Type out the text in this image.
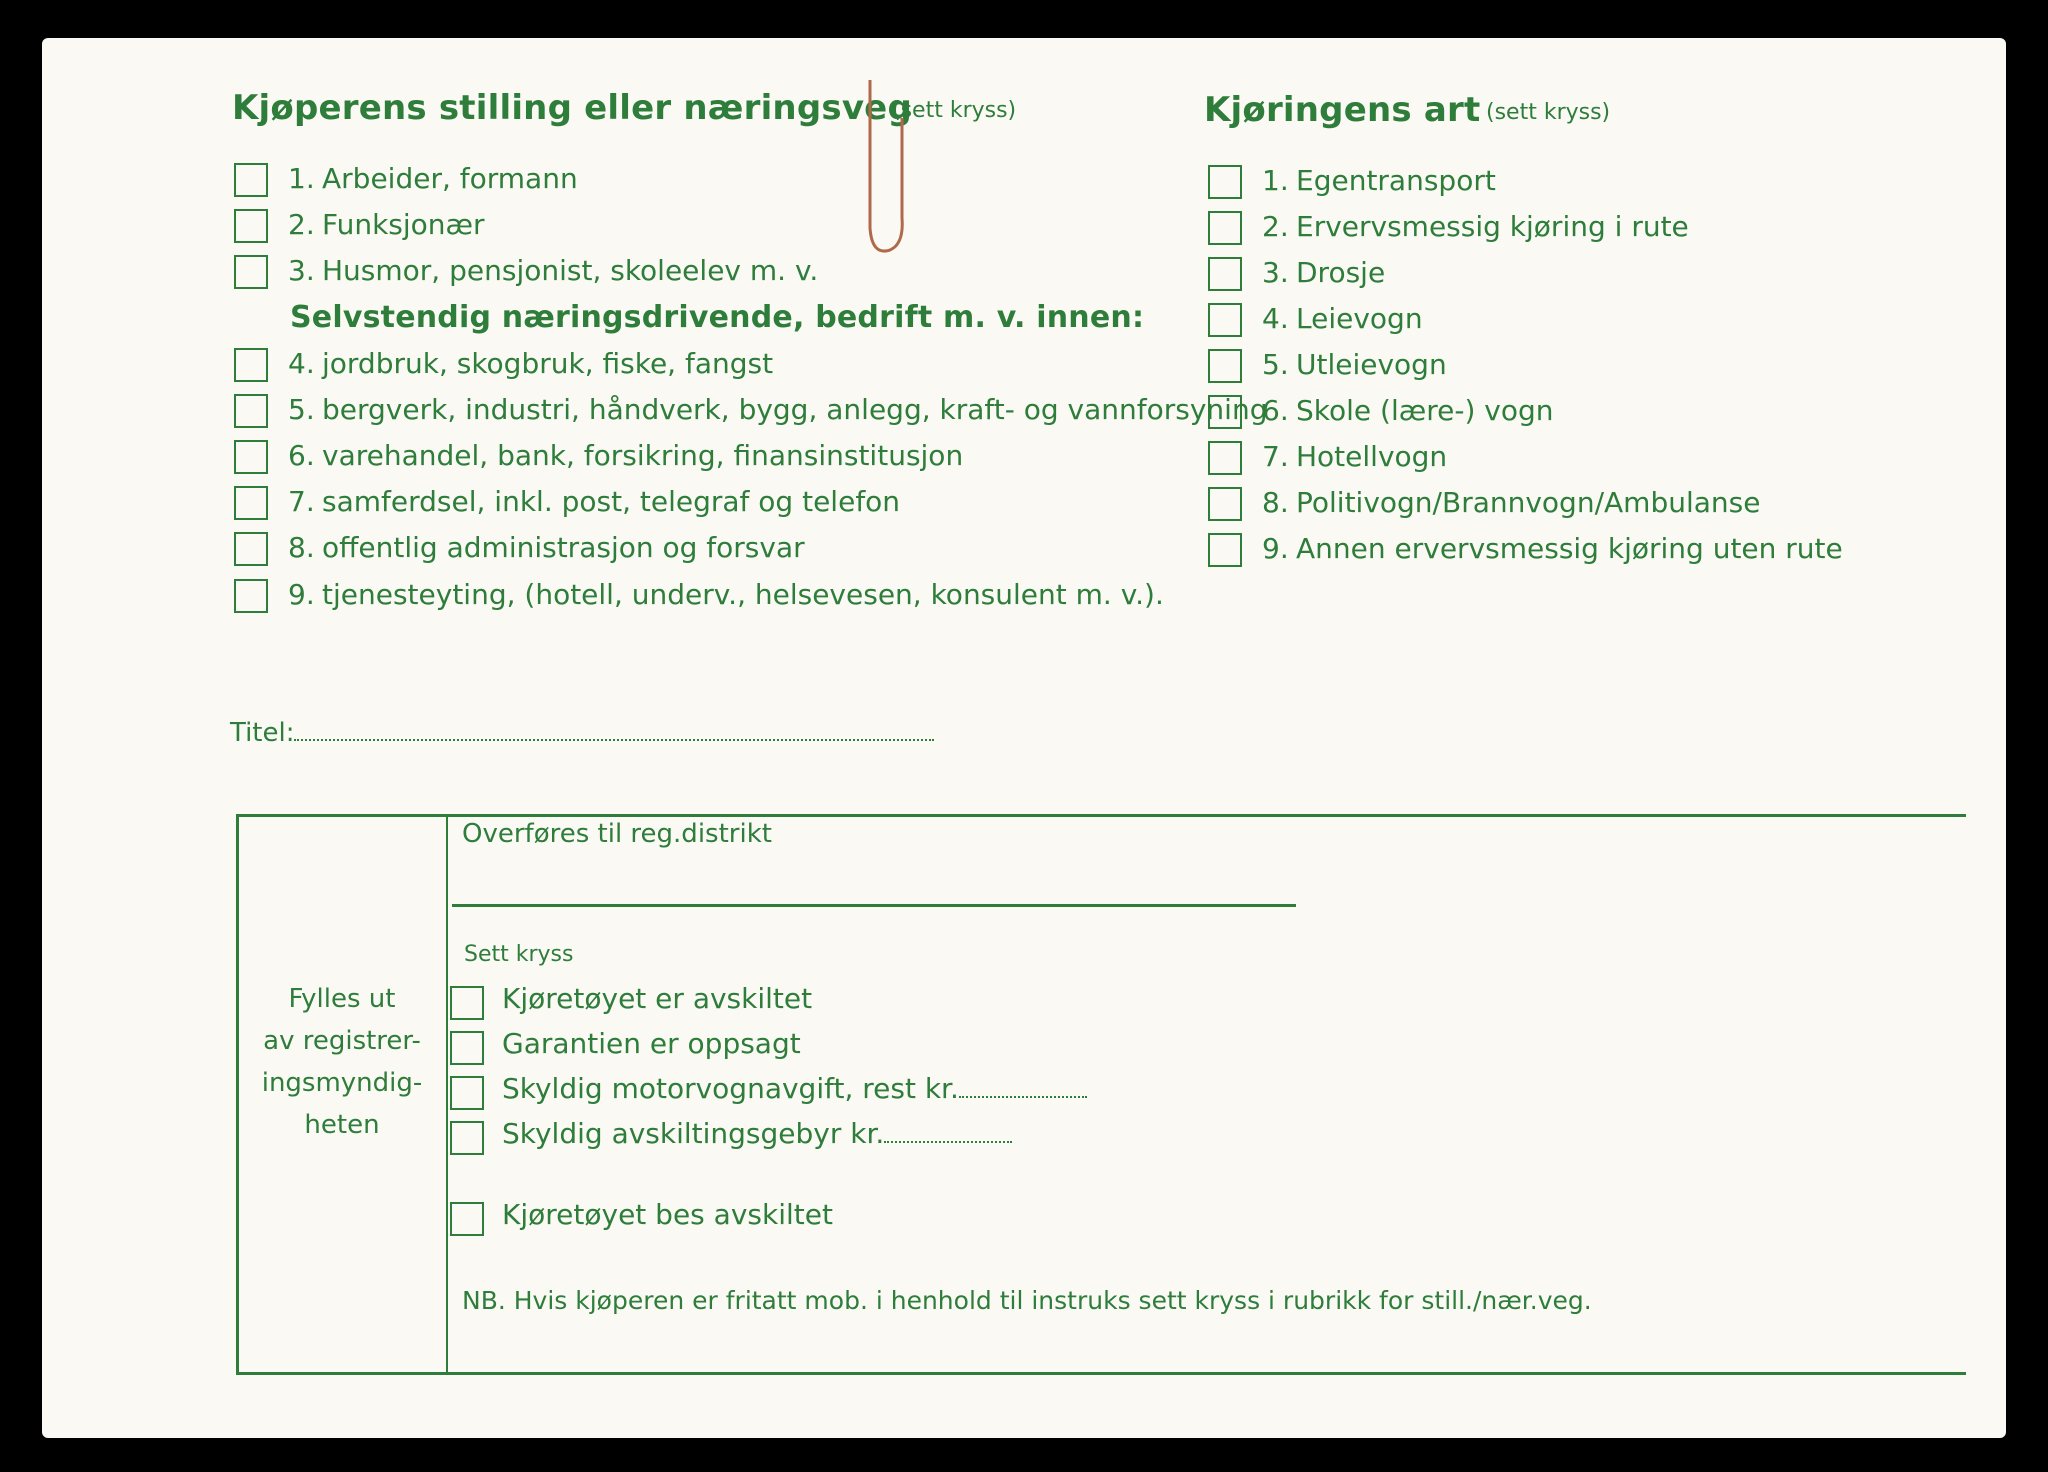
Kjøperens stilling eller næringsveg
(sett kryss)
1. Arbeider, formann
2. Funksjonær
3. Husmor, pensjonist, skoleelev m. v.
Selvstendig næringsdrivende, bedrift m. v. innen:
4. jordbruk, skogbruk, fiske, fangst
5. bergverk, industri, håndverk, bygg, anlegg, kraft- og vannforsyning
6. varehandel, bank, forsikring, finansinstitusjon
7. samferdsel, inkl. post, telegraf og telefon
8. offentlig administrasjon og forsvar
9. tjenesteyting, (hotell, underv., helsevesen, konsulent m. v.).
Titel:
Kjøringens art (sett kryss)
1. Egentransport
2. Ervervsmessig kjøring i rute
3. Drosje
4. Leievogn
5. Utleievogn
6. Skole (lære-) vogn
7. Hotellvogn
8. Politivogn/Brannvogn/Ambulanse
9. Annen ervervsmessig kjøring uten rute
Fylles ut
av registrer-
ingsmyndig-
heten
Overføres til reg.distrikt
Sett kryss
Kjøretøyet er avskiltet
Garantien er oppsagt
Skyldig motorvognavgift, rest kr.
Skyldig avskiltingsgebyr kr.
Kjøretøyet bes avskiltet
NB. Hvis kjøperen er fritatt mob. i henhold til instruks sett kryss i rubrikk for still./nær.veg.
